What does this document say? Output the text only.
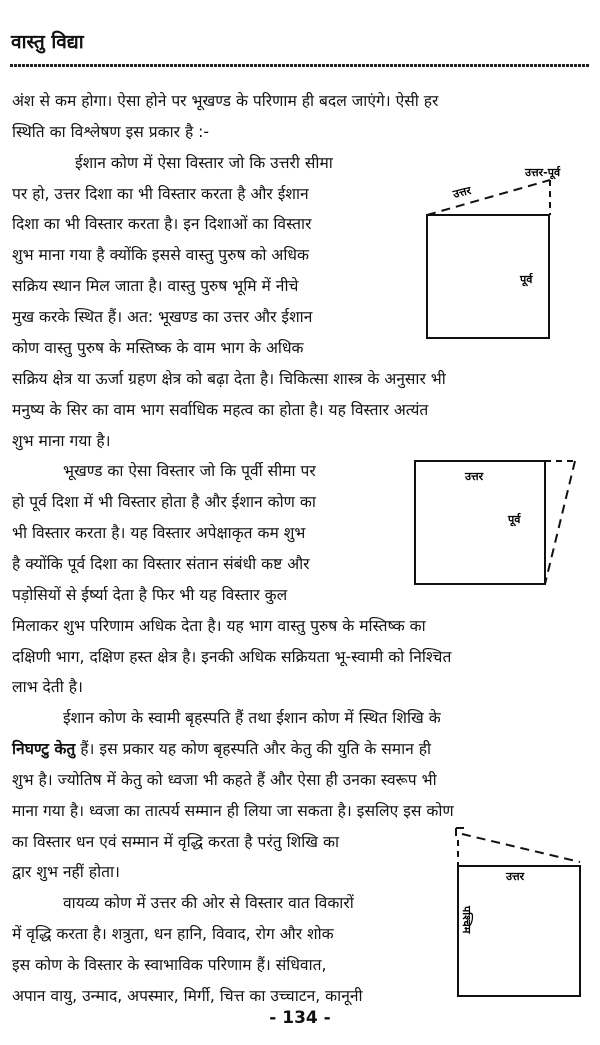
वास्तु विद्या
अंश से कम होगा। ऐसा होने पर भूखण्ड के परिणाम ही बदल जाएंगे। ऐसी हर
स्थिति का विश्लेषण इस प्रकार है :-
ईशान कोण में ऐसा विस्तार जो कि उत्तरी सीमा
पर हो, उत्तर दिशा का भी विस्तार करता है और ईशान
दिशा का भी विस्तार करता है। इन दिशाओं का विस्तार
शुभ माना गया है क्योंकि इससे वास्तु पुरुष को अधिक
सक्रिय स्थान मिल जाता है। वास्तु पुरुष भूमि में नीचे
मुख करके स्थित हैं। अत: भूखण्ड का उत्तर और ईशान
कोण वास्तु पुरुष के मस्तिष्क के वाम भाग के अधिक
सक्रिय क्षेत्र या ऊर्जा ग्रहण क्षेत्र को बढ़ा देता है। चिकित्सा शास्त्र के अनुसार भी
मनुष्य के सिर का वाम भाग सर्वाधिक महत्व का होता है। यह विस्तार अत्यंत
शुभ माना गया है।
भूखण्ड का ऐसा विस्तार जो कि पूर्वी सीमा पर
हो पूर्व दिशा में भी विस्तार होता है और ईशान कोण का
भी विस्तार करता है। यह विस्तार अपेक्षाकृत कम शुभ
है क्योंकि पूर्व दिशा का विस्तार संतान संबंधी कष्ट और
पड़ोसियों से ईर्ष्या देता है फिर भी यह विस्तार कुल
मिलाकर शुभ परिणाम अधिक देता है। यह भाग वास्तु पुरुष के मस्तिष्क का
दक्षिणी भाग, दक्षिण हस्त क्षेत्र है। इनकी अधिक सक्रियता भू-स्वामी को निश्चित
लाभ देती है।
ईशान कोण के स्वामी बृहस्पति हैं तथा ईशान कोण में स्थित शिखि के
निघण्टु केतु हैं। इस प्रकार यह कोण बृहस्पति और केतु की युति के समान ही
शुभ है। ज्योतिष में केतु को ध्वजा भी कहते हैं और ऐसा ही उनका स्वरूप भी
माना गया है। ध्वजा का तात्पर्य सम्मान ही लिया जा सकता है। इसलिए इस कोण
का विस्तार धन एवं सम्मान में वृद्धि करता है परंतु शिखि का
द्वार शुभ नहीं होता।
वायव्य कोण में उत्तर की ओर से विस्तार वात विकारों
में वृद्धि करता है। शत्रुता, धन हानि, विवाद, रोग और शोक
इस कोण के विस्तार के स्वाभाविक परिणाम हैं। संधिवात,
अपान वायु, उन्माद, अपस्मार, मिर्गी, चित्त का उच्चाटन, कानूनी
उत्तर
उत्तर-पूर्व
पूर्व
उत्तर
पूर्व
उत्तर
पश्चिम
- 134 -
